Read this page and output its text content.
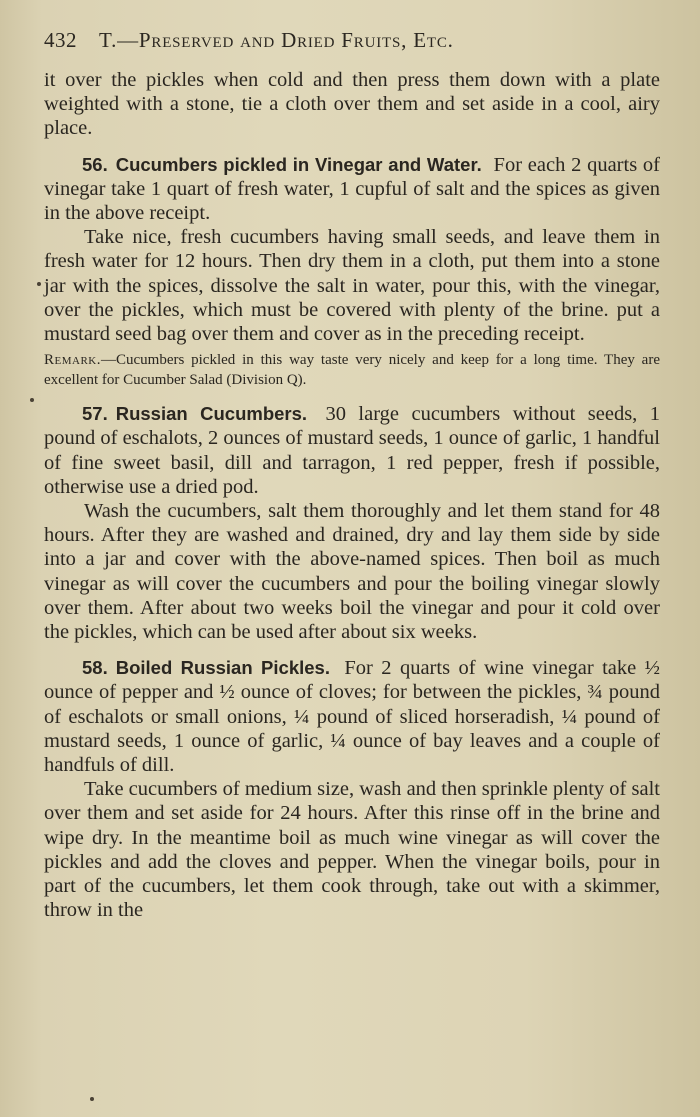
432 T.—Preserved and Dried Fruits, Etc.

it over the pickles when cold and then press them down with a plate weighted with a stone, tie a cloth over them and set aside in a cool, airy place.

56. Cucumbers pickled in Vinegar and Water. For each 2 quarts of vinegar take 1 quart of fresh water, 1 cupful of salt and the spices as given in the above receipt.

Take nice, fresh cucumbers having small seeds, and leave them in fresh water for 12 hours. Then dry them in a cloth, put them into a stone jar with the spices, dissolve the salt in water, pour this, with the vinegar, over the pickles, which must be covered with plenty of the brine. put a mustard seed bag over them and cover as in the preceding receipt.

Remark.—Cucumbers pickled in this way taste very nicely and keep for a long time. They are excellent for Cucumber Salad (Division Q).

57. Russian Cucumbers. 30 large cucumbers without seeds, 1 pound of eschalots, 2 ounces of mustard seeds, 1 ounce of garlic, 1 handful of fine sweet basil, dill and tarragon, 1 red pepper, fresh if possible, otherwise use a dried pod.

Wash the cucumbers, salt them thoroughly and let them stand for 48 hours. After they are washed and drained, dry and lay them side by side into a jar and cover with the above-named spices. Then boil as much vinegar as will cover the cucumbers and pour the boiling vinegar slowly over them. After about two weeks boil the vinegar and pour it cold over the pickles, which can be used after about six weeks.

58. Boiled Russian Pickles. For 2 quarts of wine vinegar take ½ ounce of pepper and ½ ounce of cloves; for between the pickles, ¾ pound of eschalots or small onions, ¼ pound of sliced horseradish, ¼ pound of mustard seeds, 1 ounce of garlic, ¼ ounce of bay leaves and a couple of handfuls of dill.

Take cucumbers of medium size, wash and then sprinkle plenty of salt over them and set aside for 24 hours. After this rinse off in the brine and wipe dry. In the meantime boil as much wine vinegar as will cover the pickles and add the cloves and pepper. When the vinegar boils, pour in part of the cucumbers, let them cook through, take out with a skimmer, throw in the
